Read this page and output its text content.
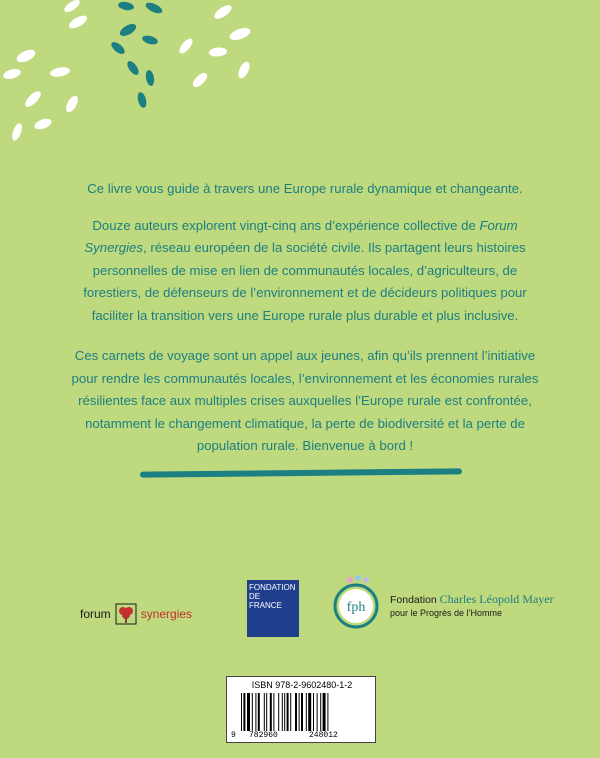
Ce livre vous guide à travers une Europe rurale dynamique et changeante.

Douze auteurs explorent vingt-cinq ans d’expérience collective de Forum Synergies, réseau européen de la société civile. Ils partagent leurs histoires personnelles de mise en lien de communautés locales, d’agriculteurs, de forestiers, de défenseurs de l’environnement et de décideurs politiques pour faciliter la transition vers une Europe rurale plus durable et plus inclusive.

Ces carnets de voyage sont un appel aux jeunes, afin qu’ils prennent l’initiative pour rendre les communautés locales, l’environnement et les économies rurales résilientes face aux multiples crises auxquelles l’Europe rurale est confrontée, notamment le changement climatique, la perte de biodiversité et la perte de population rurale. Bienvenue à bord !

forum	synergies
FONDATION
DE
FRANCE	fph Fondation Charles Léopold Mayer
pour le Progrès de l’Homme
ISBN 978-2-9602480-1-2
9 782960	248012
